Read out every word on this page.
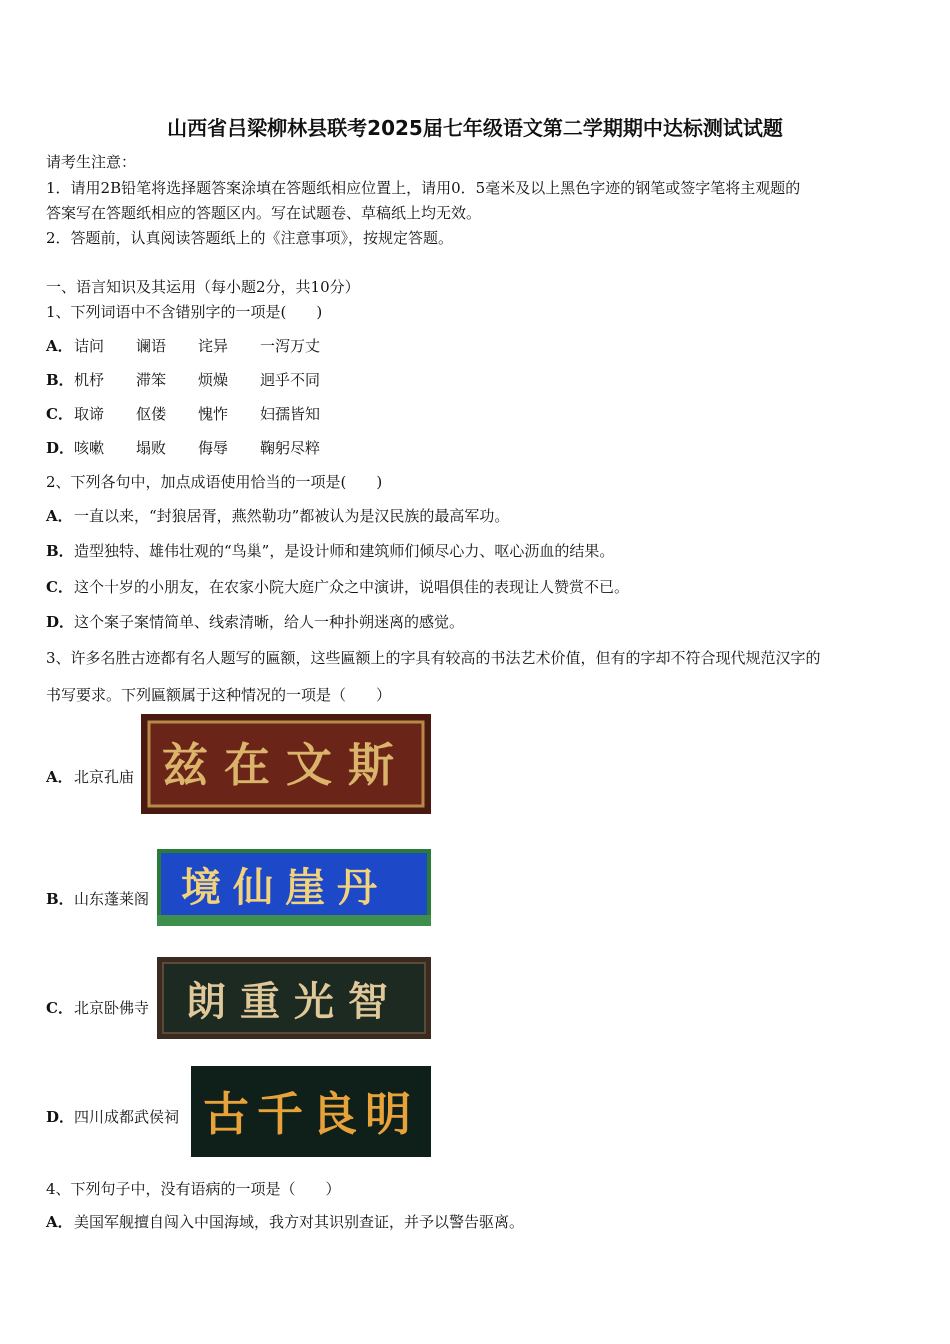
山西省吕梁柳林县联考2025届七年级语文第二学期期中达标测试试题
请考生注意：
1．请用2B铅笔将选择题答案涂填在答题纸相应位置上，请用0．5毫米及以上黑色字迹的钢笔或签字笔将主观题的
答案写在答题纸相应的答题区内。写在试题卷、草稿纸上均无效。
2．答题前，认真阅读答题纸上的《注意事项》，按规定答题。
一、语言知识及其运用（每小题2分，共10分）
1、下列词语中不含错别字的一项是(　　)
A．诘问 谰语 诧异 一泻万丈
B．机杼 滞笨 烦燥 迥乎不同
C．取谛 伛偻 愧怍 妇孺皆知
D．咳嗽 塌败 侮辱 鞠躬尽粹
2、下列各句中，加点成语使用恰当的一项是(　　)
A．一直以来，“封狼居胥，燕然勒功”都被认为是汉民族的最高军功。
B．造型独特、雄伟壮观的“鸟巢”，是设计师和建筑师们倾尽心力、呕心沥血的结果。
C．这个十岁的小朋友，在农家小院大庭广众之中演讲，说唱俱佳的表现让人赞赏不已。
D．这个案子案情简单、线索清晰，给人一种扑朔迷离的感觉。
3、许多名胜古迹都有名人题写的匾额，这些匾额上的字具有较高的书法艺术价值，但有的字却不符合现代规范汉字的
书写要求。下列匾额属于这种情况的一项是（　　）
A．北京孔庙 兹在文斯
B．山东蓬莱阁 境仙崖丹
C．北京卧佛寺 朗重光智
D．四川成都武侯祠 古千良明
4、下列句子中，没有语病的一项是（　　）
A．美国军舰擅自闯入中国海域，我方对其识别查证，并予以警告驱离。
